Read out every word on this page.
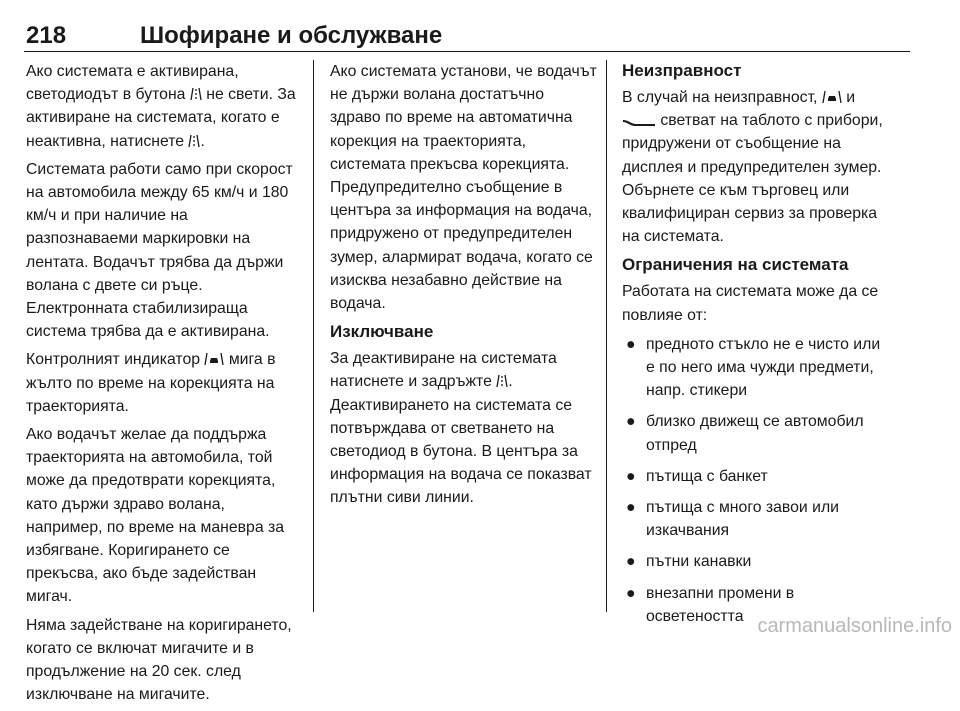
218	Шофиране и обслужване

Ако системата е активирана, светодиодът в бутона не свети. За активиране на системата, когато е неактивна, натиснете .

Системата работи само при скорост на автомобила между 65 км/ч и 180 км/ч и при наличие на разпознаваеми маркировки на лентата. Водачът трябва да държи волана с двете си ръце. Електронната стабилизираща система трябва да е активирана.

Контролният индикатор мига в жълто по време на корекцията на траекторията.

Ако водачът желае да поддържа траекторията на автомобила, той може да предотврати корекцията, като държи здраво волана, например, по време на маневра за избягване. Коригирането се прекъсва, ако бъде задействан мигач.

Няма задействане на коригирането, когато се включат мигачите и в продължение на 20 сек. след изключване на мигачите.

Ако системата установи, че водачът не държи волана достатъчно здраво по време на автоматична корекция на траекторията, системата прекъсва корекцията. Предупредително съобщение в центъра за информация на водача, придружено от предупредителен зумер, алармират водача, когато се изисква незабавно действие на водача.

Изключване

За деактивиране на системата натиснете и задръжте . Деактивирането на системата се потвърждава от светването на светодиод в бутона. В центъра за информация на водача се показват плътни сиви линии.

Неизправност

В случай на неизправност, и
светват на таблото с прибори, придружени от съобщение на дисплея и предупредителен зумер. Обърнете се към търговец или квалифициран сервиз за проверка на системата.

Ограничения на системата

Работата на системата може да се повлияе от:

● предното стъкло не е чисто или е по него има чужди предмети, напр. стикери
● близко движещ се автомобил отпред
● пътища с банкет
● пътища с много завои или изкачвания
● пътни канавки
● внезапни промени в осветеността carmanualsonline.info
